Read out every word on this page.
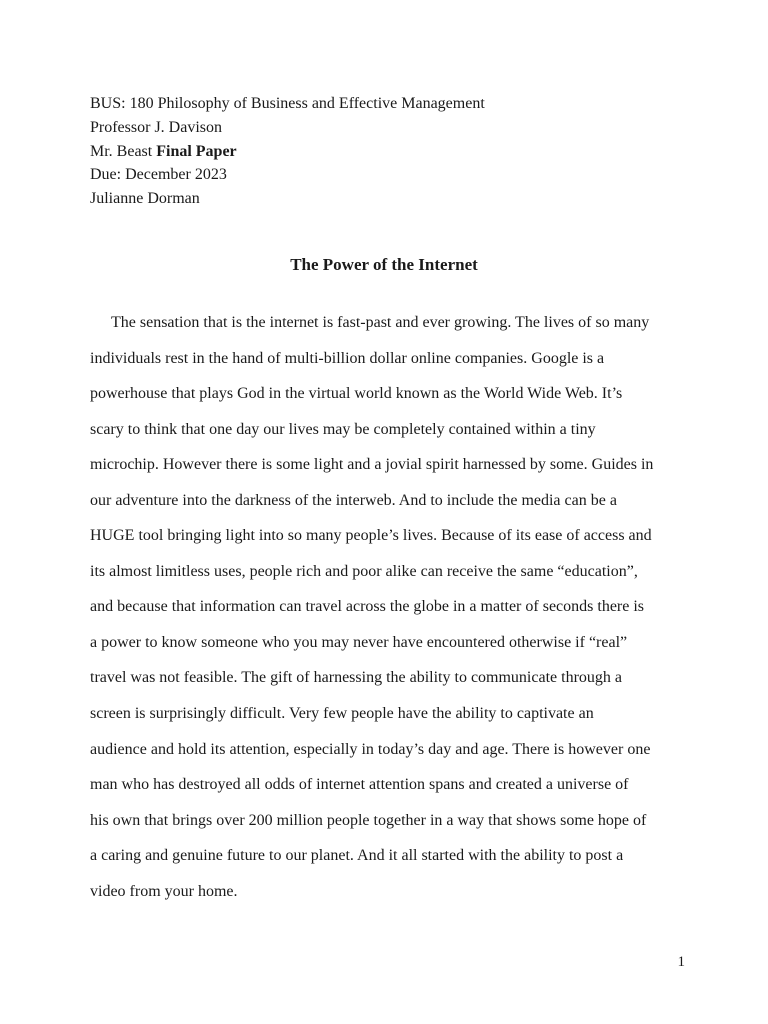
BUS: 180 Philosophy of Business and Effective Management
Professor J. Davison
Mr. Beast Final Paper
Due: December 2023
Julianne Dorman
The Power of the Internet
The sensation that is the internet is fast-past and ever growing. The lives of so many
individuals rest in the hand of multi-billion dollar online companies. Google is a
powerhouse that plays God in the virtual world known as the World Wide Web. It’s
scary to think that one day our lives may be completely contained within a tiny
microchip. However there is some light and a jovial spirit harnessed by some. Guides in
our adventure into the darkness of the interweb. And to include the media can be a
HUGE tool bringing light into so many people’s lives. Because of its ease of access and
its almost limitless uses, people rich and poor alike can receive the same “education”,
and because that information can travel across the globe in a matter of seconds there is
a power to know someone who you may never have encountered otherwise if “real”
travel was not feasible. The gift of harnessing the ability to communicate through a
screen is surprisingly difficult. Very few people have the ability to captivate an
audience and hold its attention, especially in today’s day and age. There is however one
man who has destroyed all odds of internet attention spans and created a universe of
his own that brings over 200 million people together in a way that shows some hope of
a caring and genuine future to our planet. And it all started with the ability to post a
video from your home.
1
